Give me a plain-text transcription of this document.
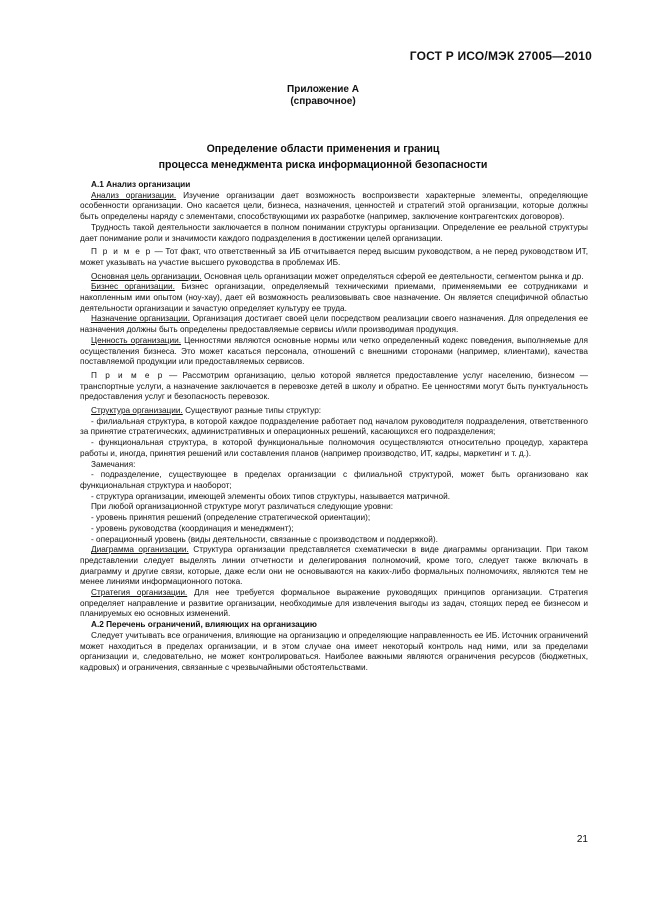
ГОСТ Р ИСО/МЭК 27005—2010
Приложение А
(справочное)
Определение области применения и границ
процесса менеджмента риска информационной безопасности

А.1 Анализ организации

Анализ организации. Изучение организации дает возможность воспроизвести характерные элементы, определяющие особенности организации. Оно касается цели, бизнеса, назначения, ценностей и стратегий этой организации, которые должны быть определены наряду с элементами, способствующими их разработке (например, заключение контрагентских договоров).

Трудность такой деятельности заключается в полном понимании структуры организации. Определение ее реальной структуры дает понимание роли и значимости каждого подразделения в достижении целей организации.

П р и м е р — Тот факт, что ответственный за ИБ отчитывается перед высшим руководством, а не перед руководством ИТ, может указывать на участие высшего руководства в проблемах ИБ.

Основная цель организации. Основная цель организации может определяться сферой ее деятельности, сегментом рынка и др.

Бизнес организации. Бизнес организации, определяемый техническими приемами, применяемыми ее сотрудниками и накопленным ими опытом (ноу-хау), дает ей возможность реализовывать свое назначение. Он является специфичной областью деятельности организации и зачастую определяет культуру ее труда.

Назначение организации. Организация достигает своей цели посредством реализации своего назначения. Для определения ее назначения должны быть определены предоставляемые сервисы и/или производимая продукция.

Ценность организации. Ценностями являются основные нормы или четко определенный кодекс поведения, выполняемые для осуществления бизнеса. Это может касаться персонала, отношений с внешними сторонами (например, клиентами), качества поставляемой продукции или предоставляемых сервисов.

П р и м е р — Рассмотрим организацию, целью которой является предоставление услуг населению, бизнесом — транспортные услуги, а назначение заключается в перевозке детей в школу и обратно. Ее ценностями могут быть пунктуальность предоставления услуг и безопасность перевозок.

Структура организации. Существуют разные типы структур:

- филиальная структура, в которой каждое подразделение работает под началом руководителя подразделения, ответственного за принятие стратегических, административных и операционных решений, касающихся его подразделения;

- функциональная структура, в которой функциональные полномочия осуществляются относительно процедур, характера работы и, иногда, принятия решений или составления планов (например производство, ИТ, кадры, маркетинг и т. д.).

Замечания:

- подразделение, существующее в пределах организации с филиальной структурой, может быть организовано как функциональная структура и наоборот;

- структура организации, имеющей элементы обоих типов структуры, называется матричной.

При любой организационной структуре могут различаться следующие уровни:

- уровень принятия решений (определение стратегической ориентации);

- уровень руководства (координация и менеджмент);

- операционный уровень (виды деятельности, связанные с производством и поддержкой).

Диаграмма организации. Структура организации представляется схематически в виде диаграммы организации. При таком представлении следует выделять линии отчетности и делегирования полномочий, кроме того, следует также включать в диаграмму и другие связи, которые, даже если они не основываются на каких-либо формальных полномочиях, являются тем не менее линиями информационного потока.

Стратегия организации. Для нее требуется формальное выражение руководящих принципов организации. Стратегия определяет направление и развитие организации, необходимые для извлечения выгоды из задач, стоящих перед ее бизнесом и планируемых ею основных изменений.

А.2 Перечень ограничений, влияющих на организацию

Следует учитывать все ограничения, влияющие на организацию и определяющие направленность ее ИБ. Источник ограничений может находиться в пределах организации, и в этом случае она имеет некоторый контроль над ними, или за пределами организации и, следовательно, не может контролироваться. Наиболее важными являются ограничения ресурсов (бюджетных, кадровых) и ограничения, связанные с чрезвычайными обстоятельствами.

21
